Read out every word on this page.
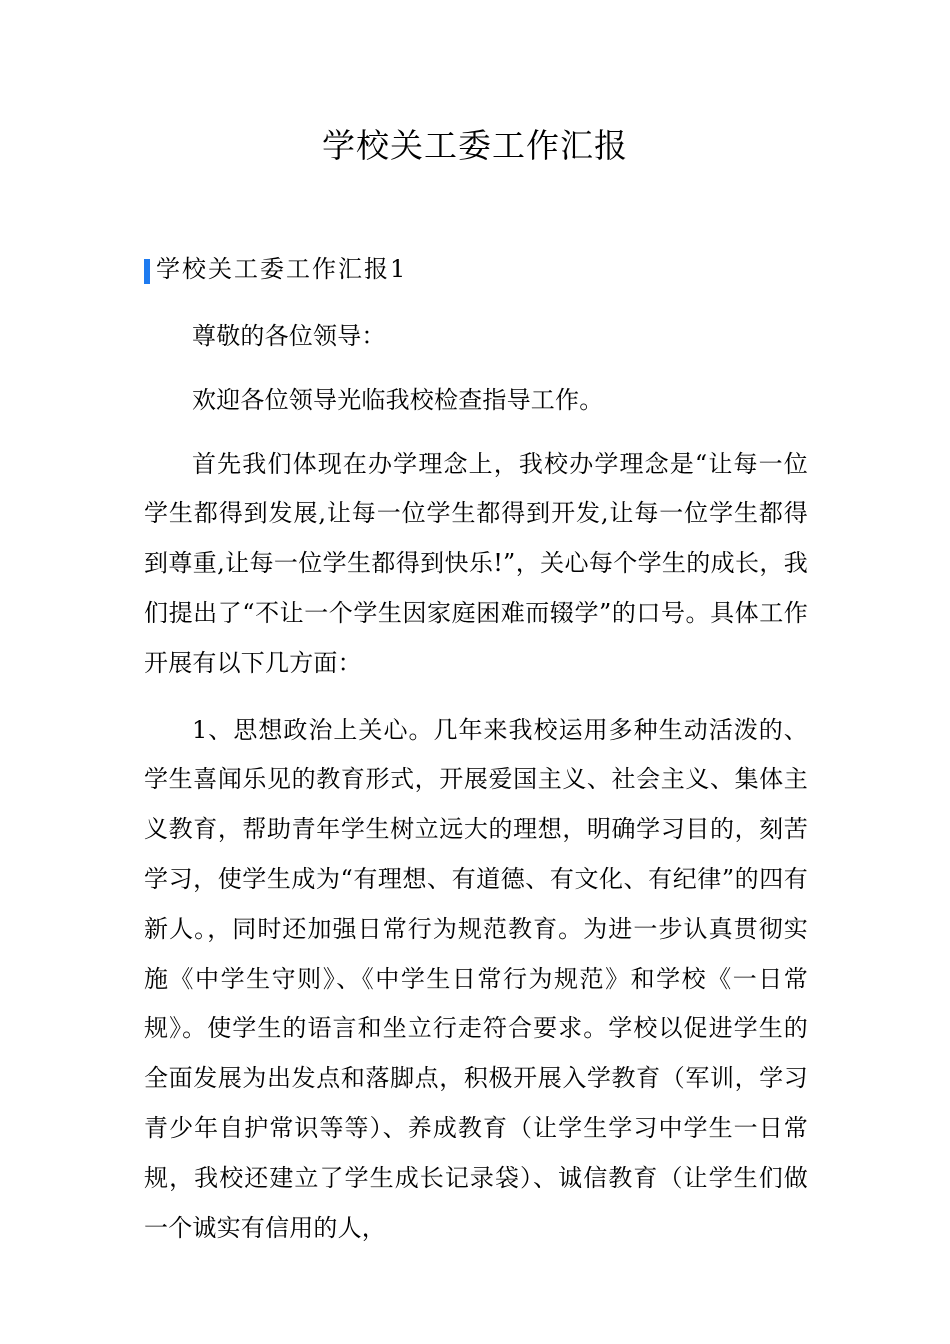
学校关工委工作汇报
学校关工委工作汇报1

尊敬的各位领导：

欢迎各位领导光临我校检查指导工作。

首先我们体现在办学理念上，我校办学理念是“让每一位学生都得到发展,让每一位学生都得到开发,让每一位学生都得到尊重,让每一位学生都得到快乐!”，关心每个学生的成长，我们提出了“不让一个学生因家庭困难而辍学”的口号。具体工作开展有以下几方面：

1、思想政治上关心。几年来我校运用多种生动活泼的、学生喜闻乐见的教育形式，开展爱国主义、社会主义、集体主义教育，帮助青年学生树立远大的理想，明确学习目的，刻苦学习，使学生成为“有理想、有道德、有文化、有纪律”的四有新人。，同时还加强日常行为规范教育。为进一步认真贯彻实施《中学生守则》、《中学生日常行为规范》和学校《一日常规》。使学生的语言和坐立行走符合要求。学校以促进学生的全面发展为出发点和落脚点，积极开展入学教育（军训，学习青少年自护常识等等）、养成教育（让学生学习中学生一日常规，我校还建立了学生成长记录袋）、诚信教育（让学生们做一个诚实有信用的人，
